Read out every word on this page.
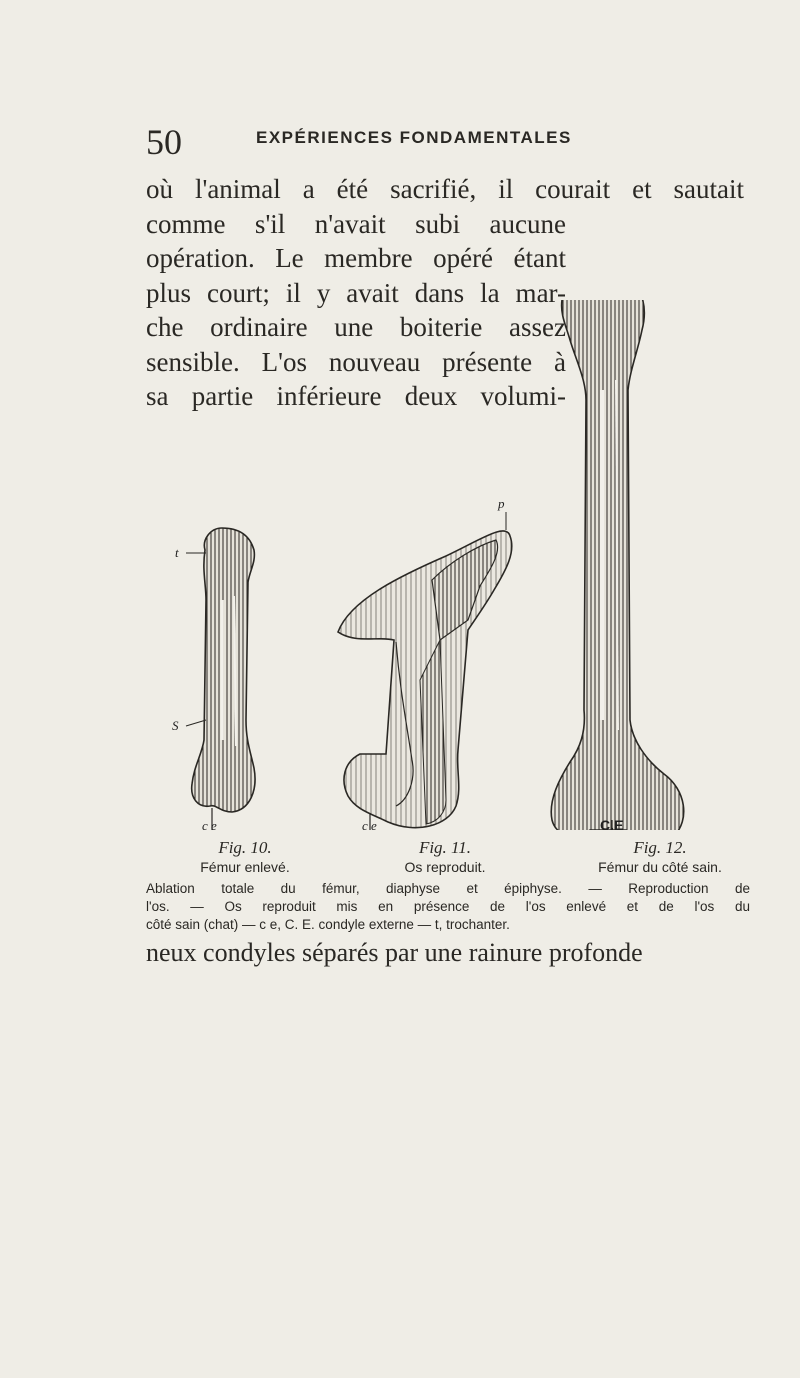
50	EXPÉRIENCES FONDAMENTALES
où l'animal a été sacrifié, il courait et sautait
comme s'il n'avait subi aucune
opération. Le membre opéré étant
plus court; il y avait dans la mar-
che ordinaire une boiterie assez
sensible. L'os nouveau présente à
sa partie inférieure deux volumi-
t
S
p
c e	c e	C.E
Fig. 10.
Fémur enlevé.
Fig. 11.
Os reproduit.
Fig. 12.
Fémur du côté sain.
Ablation totale du fémur, diaphyse et épiphyse. — Reproduction de
l'os. — Os reproduit mis en présence de l'os enlevé et de l'os du
côté sain (chat) — c e, C. E. condyle externe — t, trochanter.
neux condyles séparés par une rainure profonde
